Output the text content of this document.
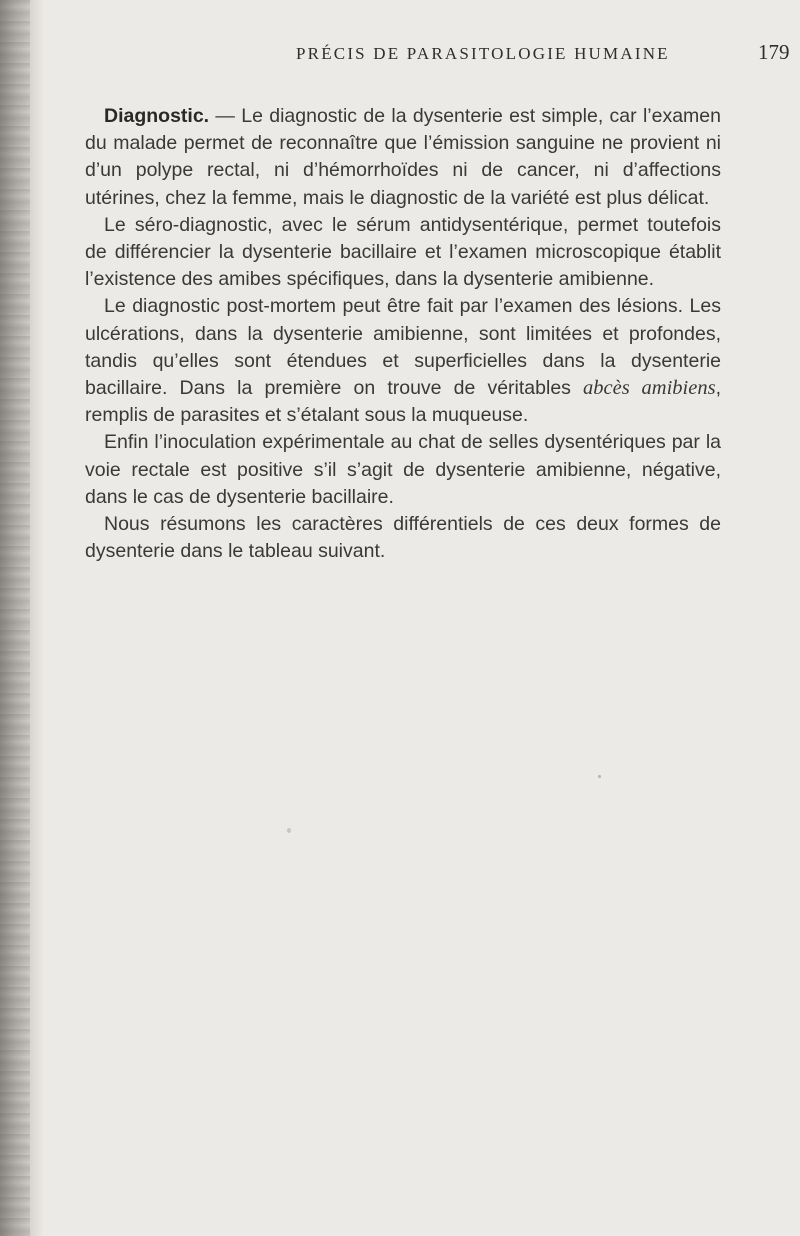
PRÉCIS DE PARASITOLOGIE HUMAINE	179

Diagnostic. — Le diagnostic de la dysenterie est simple, car l’examen du malade permet de reconnaître que l’émission sanguine ne provient ni d’un polype rectal, ni d’hémorrhoïdes ni de cancer, ni d’affections utérines, chez la femme, mais le diagnostic de la variété est plus délicat.

Le séro-diagnostic, avec le sérum antidysentérique, permet toutefois de différencier la dysenterie bacillaire et l’examen microscopique établit l’existence des amibes spécifiques, dans la dysenterie amibienne.

Le diagnostic post-mortem peut être fait par l’examen des lésions. Les ulcérations, dans la dysenterie amibienne, sont limitées et profondes, tandis qu’elles sont étendues et superficielles dans la dysenterie bacillaire. Dans la première on trouve de véritables abcès amibiens, remplis de parasites et s’étalant sous la muqueuse.

Enfin l’inoculation expérimentale au chat de selles dysentériques par la voie rectale est positive s’il s’agit de dysenterie amibienne, négative, dans le cas de dysenterie bacillaire.

Nous résumons les caractères différentiels de ces deux formes de dysenterie dans le tableau suivant.
